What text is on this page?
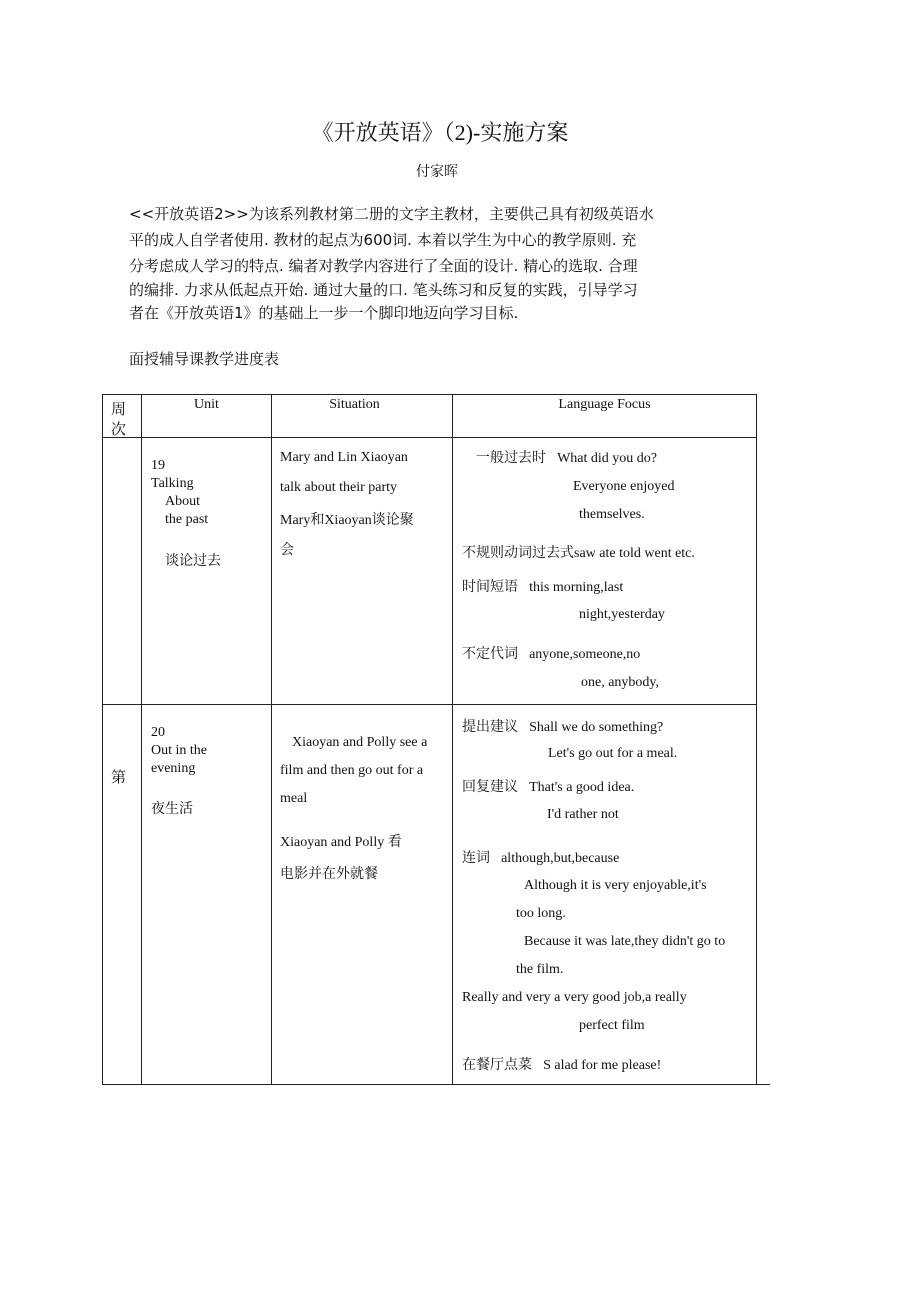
《开放英语》（2)-实施方案
付家晖
<<开放英语2>>为该系列教材第二册的文字主教材，主要供己具有初级英语水
平的成人自学者使用. 教材的起点为600词. 本着以学生为中心的教学原则. 充
分考虑成人学习的特点. 编者对教学内容进行了全面的设计. 精心的选取. 合理
的编排. 力求从低起点开始. 通过大量的口. 笔头练习和反复的实践，引导学习
者在《开放英语1》的基础上一步一个脚印地迈向学习目标.
面授辅导课教学进度表
周
次
Unit	Situation	Language Focus
19
Talking
About
the past
谈论过去
Mary and Lin Xiaoyan
talk about their party
Mary和Xiaoyan谈论聚
会
一般过去时 What did you do?
Everyone enjoyed
themselves.
不规则动词过去式saw ate told went etc.
时间短语 this morning,last
night,yesterday
不定代词 anyone,someone,no
one, anybody,
第
20
Out in the
evening
夜生活
Xiaoyan and Polly see a
film and then go out for a
meal
Xiaoyan and Polly 看
电影并在外就餐
提出建议 Shall we do something?
Let's go out for a meal.
回复建议 That's a good idea.
I'd rather not
连词 although,but,because
Although it is very enjoyable,it's
too long.
Because it was late,they didn't go to
the film.
Really and very a very good job,a really
perfect film
在餐厅点菜 S alad for me please!
